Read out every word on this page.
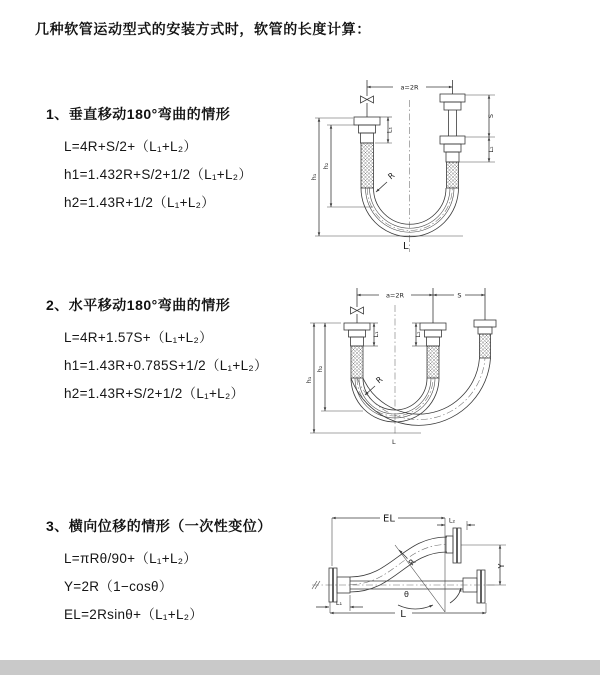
几种软管运动型式的安装方式时，软管的长度计算：
1、垂直移动180°弯曲的情形
L=4R+S/2+（L₁+L₂）
h1=1.432R+S/2+1/2（L₁+L₂）
h2=1.43R+1/2（L₁+L₂）
a=2R
h₁
h₂
L₁
S
L₂
R
L
2、水平移动180°弯曲的情形
L=4R+1.57S+（L₁+L₂）
h1=1.43R+0.785S+1/2（L₁+L₂）
h2=1.43R+S/2+1/2（L₁+L₂）
a=2R	S
h₁
h₂
L₁	L₂
R
L
3、横向位移的情形（一次性变位）
L=πRθ/90+（L₁+L₂）
Y=2R（1−cosθ）
EL=2Rsinθ+（L₁+L₂）
EL	L₂
Y
R
θ
L₁
L
